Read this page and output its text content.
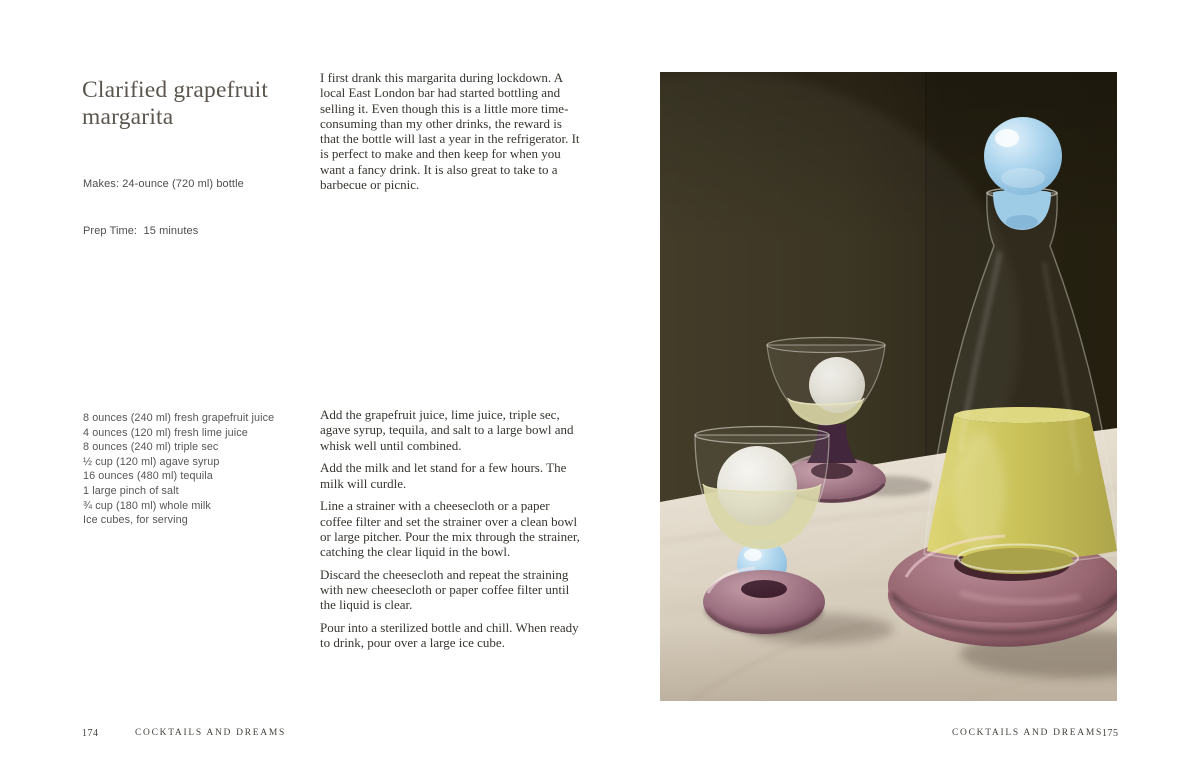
Clarified grapefruit margarita

Makes: 24-ounce (720 ml) bottle

Prep Time:  15 minutes

8 ounces (240 ml) fresh grapefruit juice
4 ounces (120 ml) fresh lime juice
8 ounces (240 ml) triple sec
½ cup (120 ml) agave syrup
16 ounces (480 ml) tequila
1 large pinch of salt
¾ cup (180 ml) whole milk
Ice cubes, for serving
I first drank this margarita during lockdown. A local East London bar had started bottling and selling it. Even though this is a little more time-consuming than my other drinks, the reward is that the bottle will last a year in the refrigerator. It is perfect to make and then keep for when you want a fancy drink. It is also great to take to a barbecue or picnic.

Add the grapefruit juice, lime juice, triple sec, agave syrup, tequila, and salt to a large bowl and whisk well until combined.

Add the milk and let stand for a few hours. The milk will curdle.

Line a strainer with a cheesecloth or a paper coffee filter and set the strainer over a clean bowl or large pitcher. Pour the mix through the strainer, catching the clear liquid in the bowl.

Discard the cheesecloth and repeat the straining with new cheesecloth or paper coffee filter until the liquid is clear.

Pour into a sterilized bottle and chill. When ready to drink, pour over a large ice cube.

174	COCKTAILS AND DREAMS	COCKTAILS AND DREAMS 175
